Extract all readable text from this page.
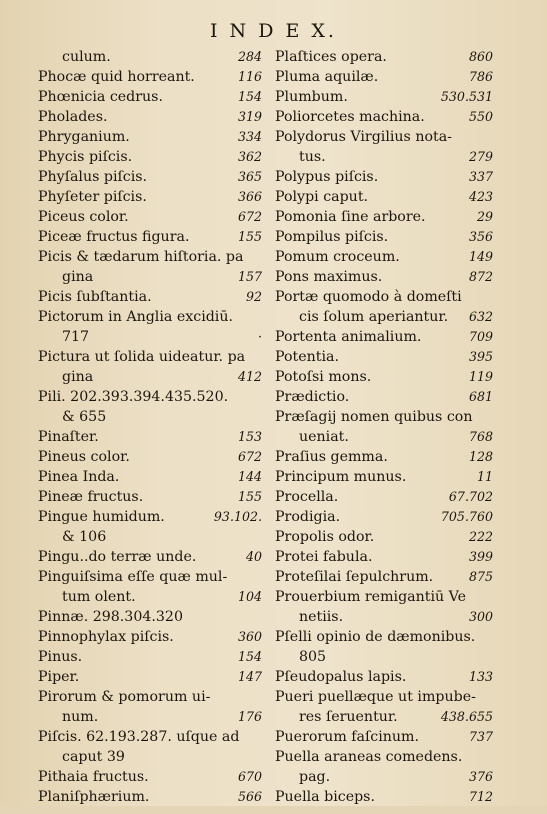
I N D E X.
culum.	284
Phocæ quid horreant.	116
Phœnicia cedrus.	154
Pholades.	319
Phryganium.	334
Phycis piſcis.	362
Phyſalus piſcis.	365
Phyſeter piſcis.	366
Piceus color.	672
Piceæ fructus figura.	155
Picis & tædarum hiſtoria. pa
gina	157
Picis ſubſtantia.	92
Pictorum in Anglia excidiū.
717	·
Pictura ut ſolida uideatur. pa
gina	412
Pili. 202.393.394.435.520.
& 655
Pinaſter.	153
Pineus color.	672
Pinea Inda.	144
Pineæ fructus.	155
Pingue humidum.	93.102.
& 106
Pingu..do terræ unde.	40
Pinguiſsima eſſe quæ mul-
tum olent.	104
Pinnæ. 298.304.320
Pinnophylax piſcis.	360
Pinus.	154
Piper.	147
Pirorum & pomorum ui-
num.	176
Piſcis. 62.193.287. uſque ad
caput 39
Pithaia fructus.	670
Planiſphærium.	566
Plaſtices opera.	860
Pluma aquilæ.	786
Plumbum.	530.531
Poliorcetes machina.	550
Polydorus Virgilius nota-
tus.	279
Polypus piſcis.	337
Polypi caput.	423
Pomonia ſine arbore.	29
Pompilus piſcis.	356
Pomum croceum.	149
Pons maximus.	872
Portæ quomodo à domeſti
cis ſolum aperiantur.	632
Portenta animalium.	709
Potentia.	395
Potoſsi mons.	119
Prædictio.	681
Præſagij nomen quibus con
ueniat.	768
Praſius gemma.	128
Principum munus.	11
Procella.	67.702
Prodigia.	705.760
Propolis odor.	222
Protei fabula.	399
Proteſilai ſepulchrum.	875
Prouerbium remigantiū Ve
netiis.	300
Pſelli opinio de dæmonibus.
805
Pſeudopalus lapis.	133
Pueri puellæque ut impube-
res ſeruentur.	438.655
Puerorum faſcinum.	737
Puella araneas comedens.
pag.	376
Puella biceps.	712
